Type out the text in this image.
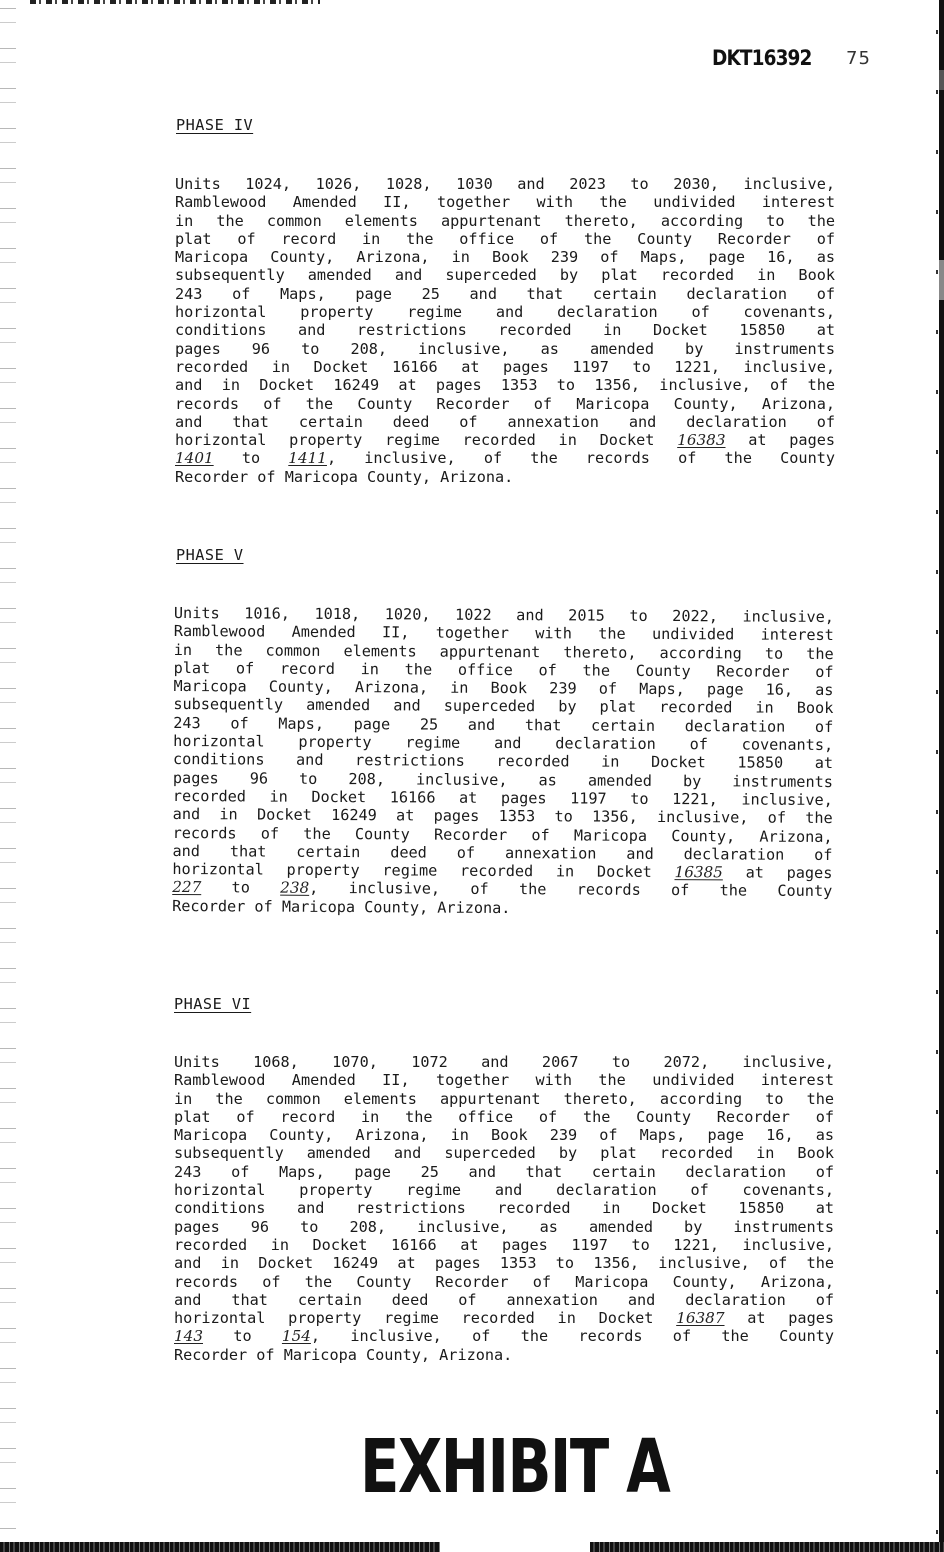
DKT16392 75
PHASE IV
Units 1024, 1026, 1028, 1030 and 2023 to 2030, inclusive,
Ramblewood Amended II, together with the undivided interest
in the common elements appurtenant thereto, according to the
plat of record in the office of the County Recorder of
Maricopa County, Arizona, in Book 239 of Maps, page 16, as
subsequently amended and superceded by plat recorded in Book
243 of Maps, page 25 and that certain declaration of
horizontal property regime and declaration of covenants,
conditions and restrictions recorded in Docket 15850 at
pages 96 to 208, inclusive, as amended by instruments
recorded in Docket 16166 at pages 1197 to 1221, inclusive,
and in Docket 16249 at pages 1353 to 1356, inclusive, of the
records of the County Recorder of Maricopa County, Arizona,
and that certain deed of annexation and declaration of
horizontal property regime recorded in Docket 16383 at pages
1401 to 1411, inclusive, of the records of the County
Recorder of Maricopa County, Arizona.
PHASE V
Units 1016, 1018, 1020, 1022 and 2015 to 2022, inclusive,
Ramblewood Amended II, together with the undivided interest
in the common elements appurtenant thereto, according to the
plat of record in the office of the County Recorder of
Maricopa County, Arizona, in Book 239 of Maps, page 16, as
subsequently amended and superceded by plat recorded in Book
243 of Maps, page 25 and that certain declaration of
horizontal property regime and declaration of covenants,
conditions and restrictions recorded in Docket 15850 at
pages 96 to 208, inclusive, as amended by instruments
recorded in Docket 16166 at pages 1197 to 1221, inclusive,
and in Docket 16249 at pages 1353 to 1356, inclusive, of the
records of the County Recorder of Maricopa County, Arizona,
and that certain deed of annexation and declaration of
horizontal property regime recorded in Docket 16385 at pages
227 to 238, inclusive, of the records of the County
Recorder of Maricopa County, Arizona.
PHASE VI
Units 1068, 1070, 1072 and 2067 to 2072, inclusive,
Ramblewood Amended II, together with the undivided interest
in the common elements appurtenant thereto, according to the
plat of record in the office of the County Recorder of
Maricopa County, Arizona, in Book 239 of Maps, page 16, as
subsequently amended and superceded by plat recorded in Book
243 of Maps, page 25 and that certain declaration of
horizontal property regime and declaration of covenants,
conditions and restrictions recorded in Docket 15850 at
pages 96 to 208, inclusive, as amended by instruments
recorded in Docket 16166 at pages 1197 to 1221, inclusive,
and in Docket 16249 at pages 1353 to 1356, inclusive, of the
records of the County Recorder of Maricopa County, Arizona,
and that certain deed of annexation and declaration of
horizontal property regime recorded in Docket 16387 at pages
143 to 154, inclusive, of the records of the County
Recorder of Maricopa County, Arizona.
EXHIBIT A
